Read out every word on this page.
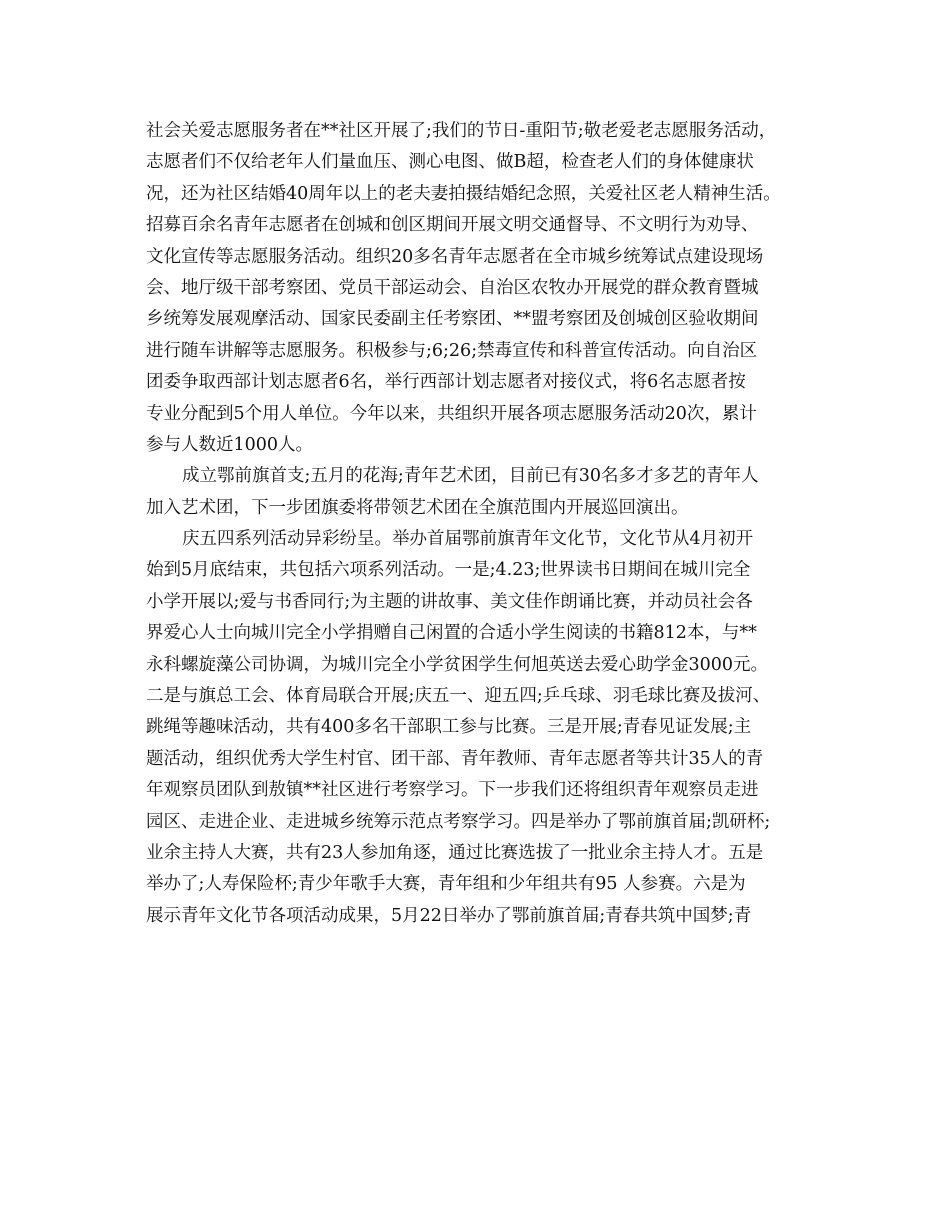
社会关爱志愿服务者在**社区开展了;我们的节日-重阳节;敬老爱老志愿服务活动，
志愿者们不仅给老年人们量血压、测心电图、做B超，检查老人们的身体健康状
况，还为社区结婚40周年以上的老夫妻拍摄结婚纪念照，关爱社区老人精神生活。
招募百余名青年志愿者在创城和创区期间开展文明交通督导、不文明行为劝导、
文化宣传等志愿服务活动。组织20多名青年志愿者在全市城乡统筹试点建设现场
会、地厅级干部考察团、党员干部运动会、自治区农牧办开展党的群众教育暨城
乡统筹发展观摩活动、国家民委副主任考察团、**盟考察团及创城创区验收期间
进行随车讲解等志愿服务。积极参与;6;26;禁毒宣传和科普宣传活动。向自治区
团委争取西部计划志愿者6名，举行西部计划志愿者对接仪式，将6名志愿者按
专业分配到5个用人单位。今年以来，共组织开展各项志愿服务活动20次，累计
参与人数近1000人。
成立鄂前旗首支;五月的花海;青年艺术团，目前已有30名多才多艺的青年人
加入艺术团，下一步团旗委将带领艺术团在全旗范围内开展巡回演出。
庆五四系列活动异彩纷呈。举办首届鄂前旗青年文化节，文化节从4月初开
始到5月底结束，共包括六项系列活动。一是;4.23;世界读书日期间在城川完全
小学开展以;爱与书香同行;为主题的讲故事、美文佳作朗诵比赛，并动员社会各
界爱心人士向城川完全小学捐赠自己闲置的合适小学生阅读的书籍812本，与**
永科螺旋藻公司协调，为城川完全小学贫困学生何旭英送去爱心助学金3000元。
二是与旗总工会、体育局联合开展;庆五一、迎五四;乒乓球、羽毛球比赛及拔河、
跳绳等趣味活动，共有400多名干部职工参与比赛。三是开展;青春见证发展;主
题活动，组织优秀大学生村官、团干部、青年教师、青年志愿者等共计35人的青
年观察员团队到敖镇**社区进行考察学习。下一步我们还将组织青年观察员走进
园区、走进企业、走进城乡统筹示范点考察学习。四是举办了鄂前旗首届;凯研杯;
业余主持人大赛，共有23人参加角逐，通过比赛选拔了一批业余主持人才。五是
举办了;人寿保险杯;青少年歌手大赛，青年组和少年组共有95 人参赛。六是为
展示青年文化节各项活动成果，5月22日举办了鄂前旗首届;青春共筑中国梦;青
